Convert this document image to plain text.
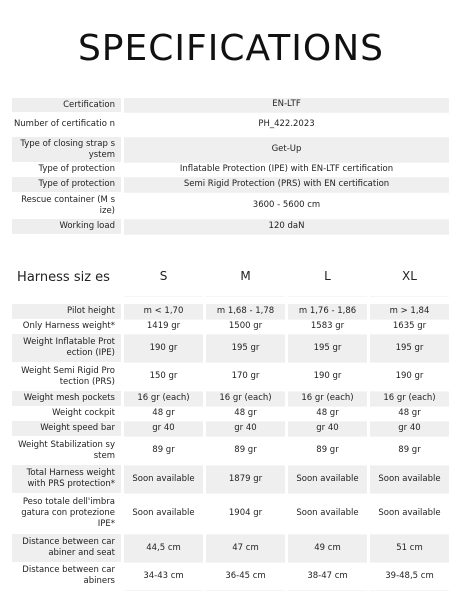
SPECIFICATIONS
Certification	EN-LTF
Number of certificatio n	PH_422.2023
Type of closing strap s ystem	Get-Up
Type of protection	Inflatable Protection (IPE) with EN-LTF certification
Type of protection	Semi Rigid Protection (PRS) with EN certification
Rescue container (M s ize)	3600 - 5600 cm
Working load	120 daN
Harness siz es	S	M	L	XL

Pilot height	m < 1,70	m 1,68 - 1,78	m 1,76 - 1,86	m > 1,84
Only Harness weight*	1419 gr	1500 gr	1583 gr	1635 gr
Weight Inflatable Prot ection (IPE)	190 gr	195 gr	195 gr	195 gr
Weight Semi Rigid Pro tection (PRS)	150 gr	170 gr	190 gr	190 gr
Weight mesh pockets	16 gr (each)	16 gr (each)	16 gr (each)	16 gr (each)
Weight cockpit	48 gr	48 gr	48 gr	48 gr
Weight speed bar	gr 40	gr 40	gr 40	gr 40
Weight Stabilization sy stem	89 gr	89 gr	89 gr	89 gr
Total Harness weight with PRS protection*	Soon available	1879 gr	Soon available	Soon available
Peso totale dell'imbra gatura con protezione IPE*	Soon available	1904 gr	Soon available	Soon available
Distance between car abiner and seat	44,5 cm	47 cm	49 cm	51 cm
Distance between car abiners	34-43 cm	36-45 cm	38-47 cm	39-48,5 cm
